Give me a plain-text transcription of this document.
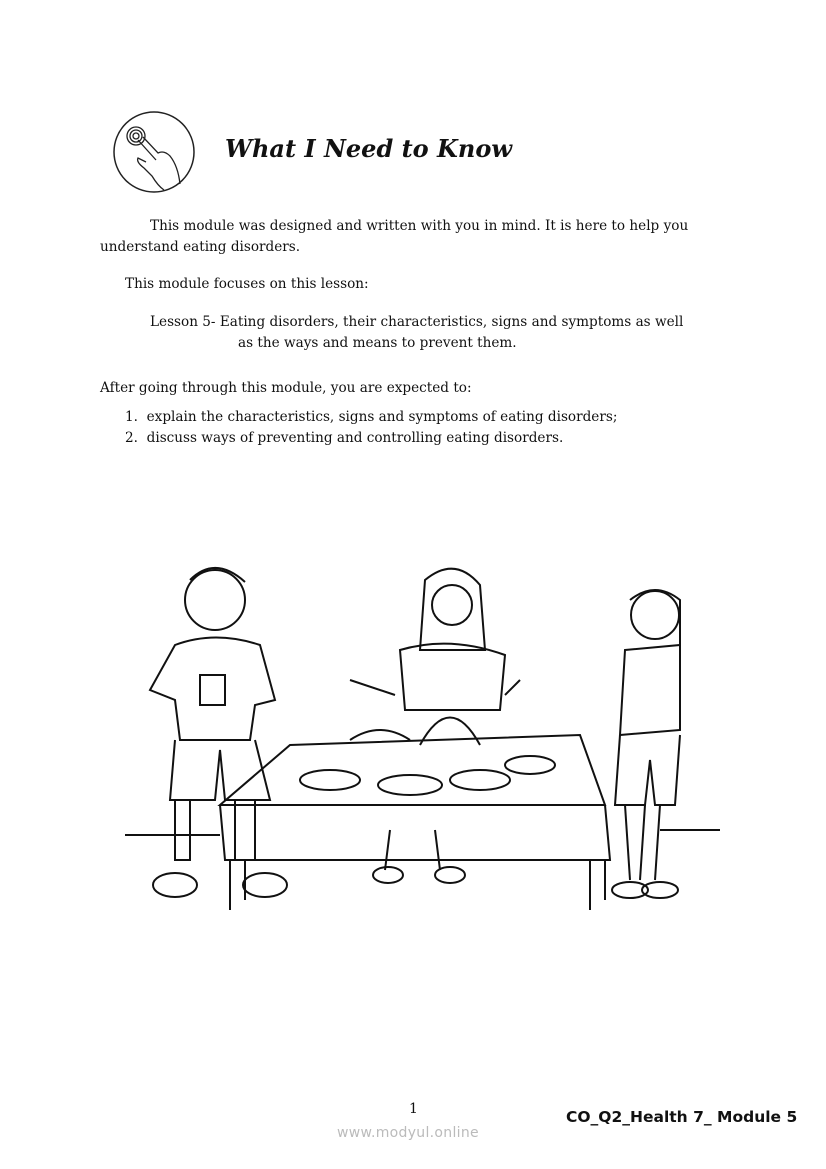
What I Need to Know
This module was designed and written with you in mind. It is here to help you
understand eating disorders.
This module focuses on this lesson:
Lesson 5- Eating disorders, their characteristics, signs and symptoms as well
as the ways and means to prevent them.
After going through this module, you are expected to:
1. explain the characteristics, signs and symptoms of eating disorders;
2. discuss ways of preventing and controlling eating disorders.
1	CO_Q2_Health 7_ Module 5
www.modyul.online
